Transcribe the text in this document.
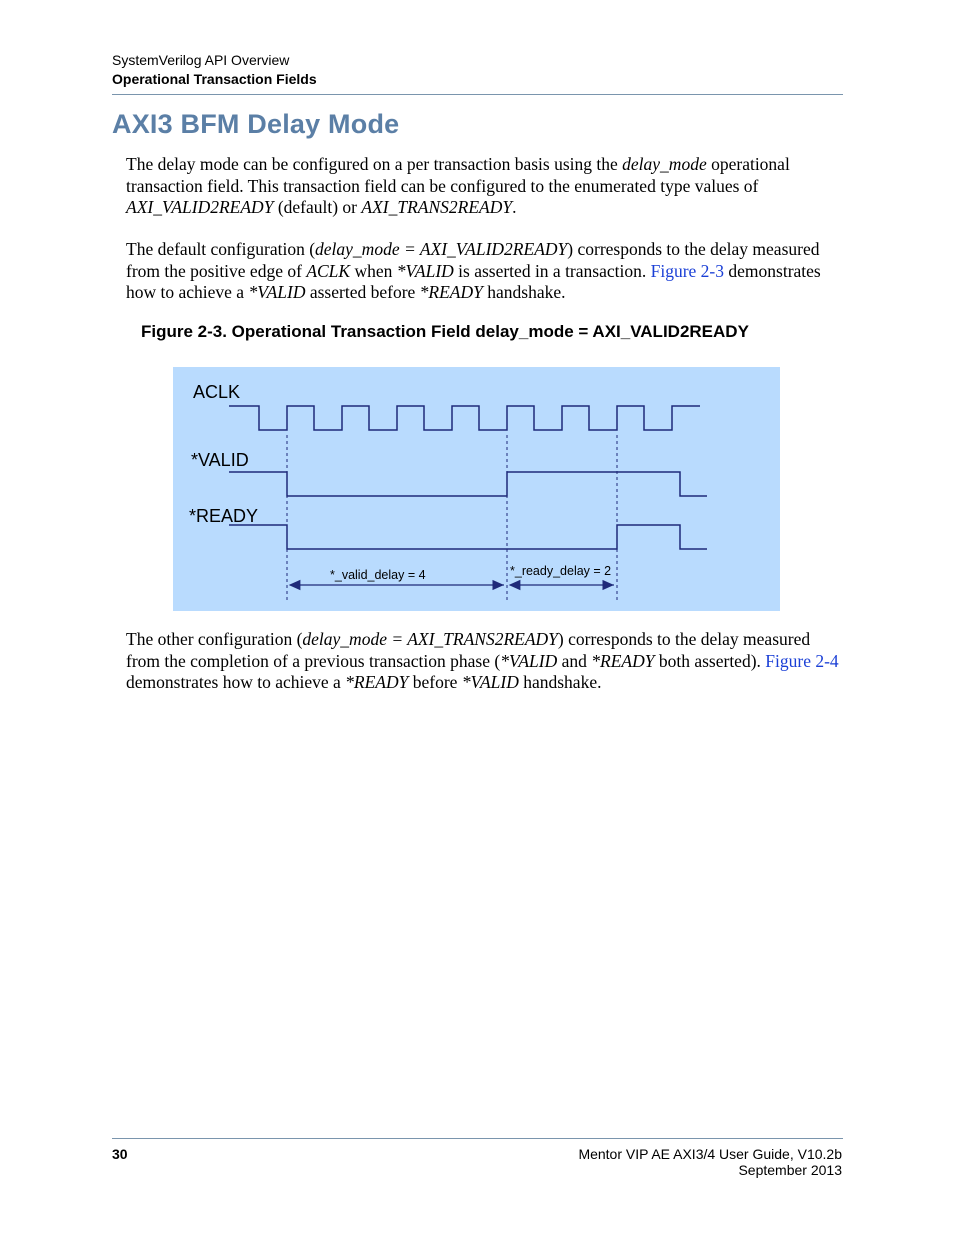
SystemVerilog API Overview
Operational Transaction Fields
AXI3 BFM Delay Mode

The delay mode can be configured on a per transaction basis using the delay_mode operational transaction field. This transaction field can be configured to the enumerated type values of AXI_VALID2READY (default) or AXI_TRANS2READY.

The default configuration (delay_mode = AXI_VALID2READY) corresponds to the delay measured from the positive edge of ACLK when *VALID is asserted in a transaction. Figure 2-3 demonstrates how to achieve a *VALID asserted before *READY handshake.

Figure 2-3. Operational Transaction Field delay_mode = AXI_VALID2READY
ACLK
*VALID
*READY
*_valid_delay = 4	*_ready_delay = 2

The other configuration (delay_mode = AXI_TRANS2READY) corresponds to the delay measured from the completion of a previous transaction phase (*VALID and *READY both asserted). Figure 2-4 demonstrates how to achieve a *READY before *VALID handshake.

30	Mentor VIP AE AXI3/4 User Guide, V10.2b
September 2013
